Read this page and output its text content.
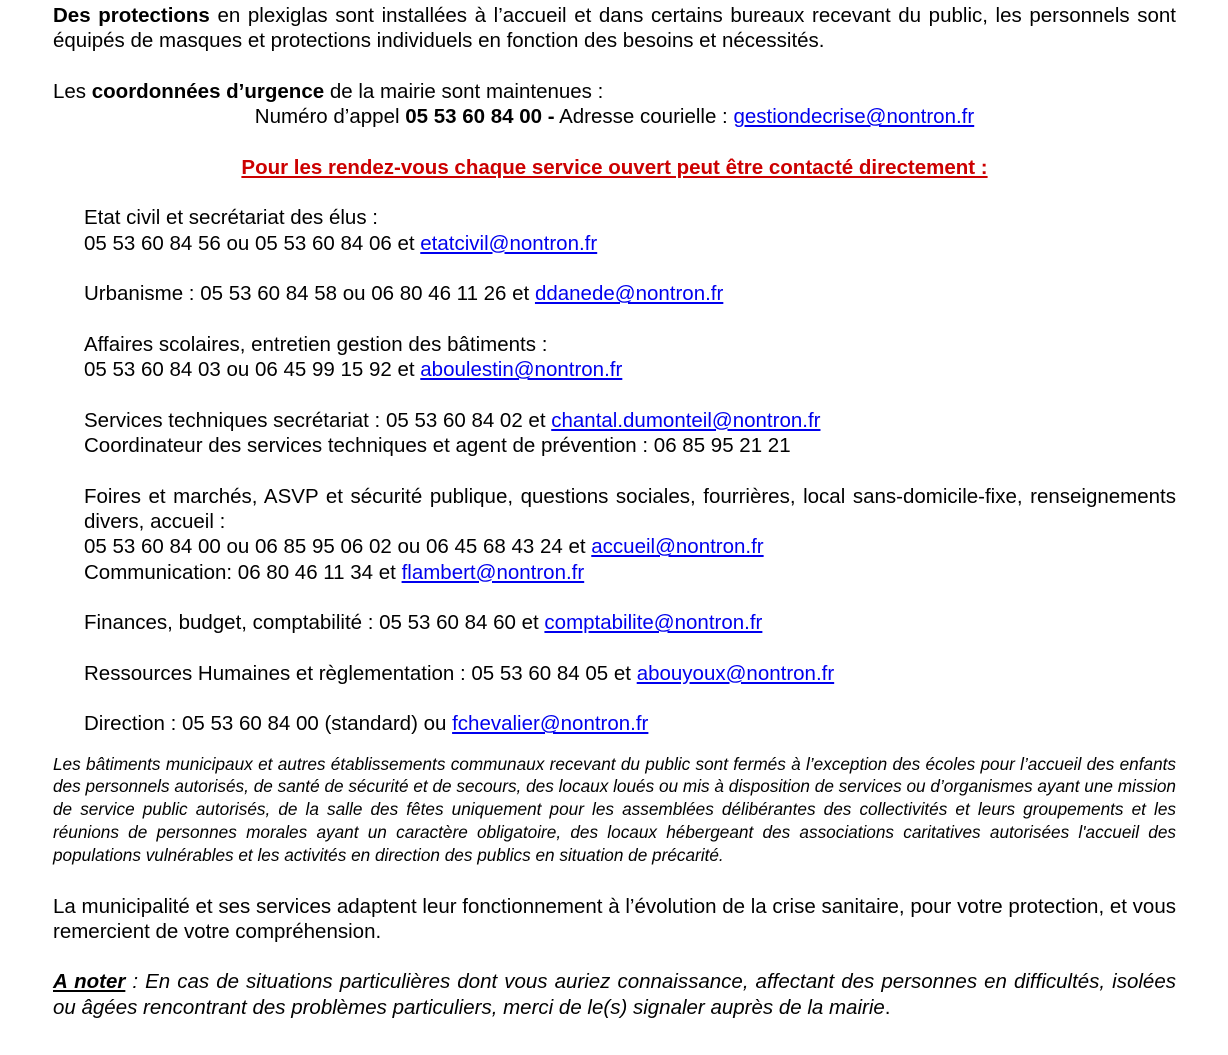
Des protections en plexiglas sont installées à l’accueil et dans certains bureaux recevant du public, les personnels sont équipés de masques et protections individuels en fonction des besoins et nécessités.

Les coordonnées d’urgence de la mairie sont maintenues :

Numéro d’appel 05 53 60 84 00 - Adresse courielle : gestiondecrise@nontron.fr

Pour les rendez-vous chaque service ouvert peut être contacté directement :

Etat civil et secrétariat des élus :

05 53 60 84 56 ou 05 53 60 84 06 et etatcivil@nontron.fr

Urbanisme : 05 53 60 84 58 ou 06 80 46 11 26 et ddanede@nontron.fr

Affaires scolaires, entretien gestion des bâtiments :

05 53 60 84 03 ou 06 45 99 15 92 et aboulestin@nontron.fr

Services techniques secrétariat : 05 53 60 84 02 et chantal.dumonteil@nontron.fr

Coordinateur des services techniques et agent de prévention : 06 85 95 21 21

Foires et marchés, ASVP et sécurité publique, questions sociales, fourrières, local sans-domicile-fixe, renseignements divers, accueil :

05 53 60 84 00 ou 06 85 95 06 02 ou 06 45 68 43 24 et accueil@nontron.fr

Communication: 06 80 46 11 34 et flambert@nontron.fr

Finances, budget, comptabilité : 05 53 60 84 60 et comptabilite@nontron.fr

Ressources Humaines et règlementation : 05 53 60 84 05 et abouyoux@nontron.fr

Direction : 05 53 60 84 00 (standard) ou fchevalier@nontron.fr

Les bâtiments municipaux et autres établissements communaux recevant du public sont fermés à l’exception des écoles pour l’accueil des enfants des personnels autorisés, de santé de sécurité et de secours, des locaux loués ou mis à disposition de services ou d’organismes ayant une mission de service public autorisés, de la salle des fêtes uniquement pour les assemblées délibérantes des collectivités et leurs groupements et les réunions de personnes morales ayant un caractère obligatoire, des locaux hébergeant des associations caritatives autorisées l'accueil des populations vulnérables et les activités en direction des publics en situation de précarité.

La municipalité et ses services adaptent leur fonctionnement à l’évolution de la crise sanitaire, pour votre protection, et vous remercient de votre compréhension.

A noter : En cas de situations particulières dont vous auriez connaissance, affectant des personnes en difficultés, isolées ou âgées rencontrant des problèmes particuliers, merci de le(s) signaler auprès de la mairie.
